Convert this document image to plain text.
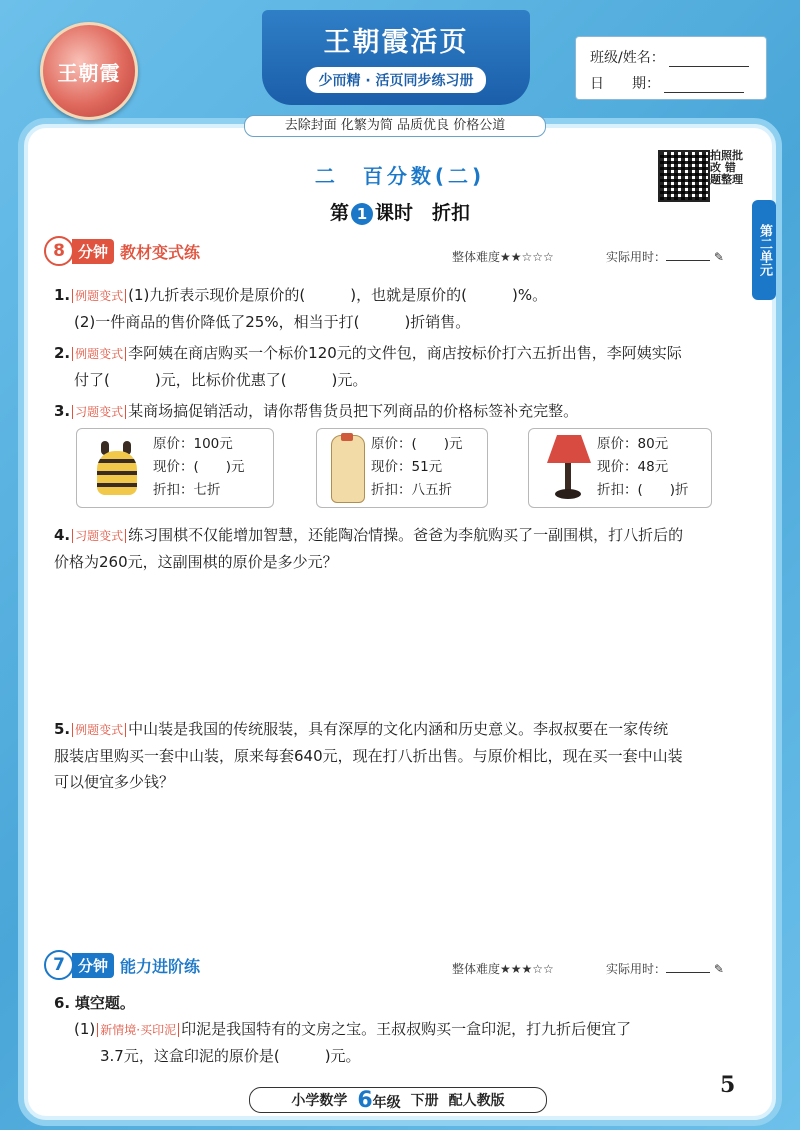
王朝霞
王朝霞活页
少而精 · 活页同步练习册
班级/姓名：
日　　期：
去除封面 化繁为简 品质优良 价格公道
二　百分数(二)
第 1 课时　折扣
拍照批改 错题整理
第二单元
8 分钟 教材变式练	整体难度★★☆☆☆	实际用时：	✎
1. 例题变式 (1)九折表示现价是原价的(　　　)，也就是原价的(　　　)%。
(2)一件商品的售价降低了25%，相当于打(　　　)折销售。
2. 例题变式 李阿姨在商店购买一个标价120元的文件包，商店按标价打六五折出售，李阿姨实际
付了(　　　)元，比标价优惠了(　　　)元。
3. 习题变式 某商场搞促销活动，请你帮售货员把下列商品的价格标签补充完整。
原价：100元
现价：(　　)元
折扣：七折
原价：(　　)元
现价：51元
折扣：八五折
原价：80元
现价：48元
折扣：(　　)折
4. 习题变式 练习围棋不仅能增加智慧，还能陶冶情操。爸爸为李航购买了一副围棋，打八折后的
价格为260元，这副围棋的原价是多少元？
5. 例题变式 中山装是我国的传统服装，具有深厚的文化内涵和历史意义。李叔叔要在一家传统
服装店里购买一套中山装，原来每套640元，现在打八折出售。与原价相比，现在买一套中山装
可以便宜多少钱？
7 分钟 能力进阶练	整体难度★★★☆☆	实际用时：	✎
6. 填空题。
(1) 新情境·买印泥 印泥是我国特有的文房之宝。王叔叔购买一盒印泥，打九折后便宜了
3.7元，这盒印泥的原价是(　　　)元。
小学数学 6年级 下册 配人教版
5
